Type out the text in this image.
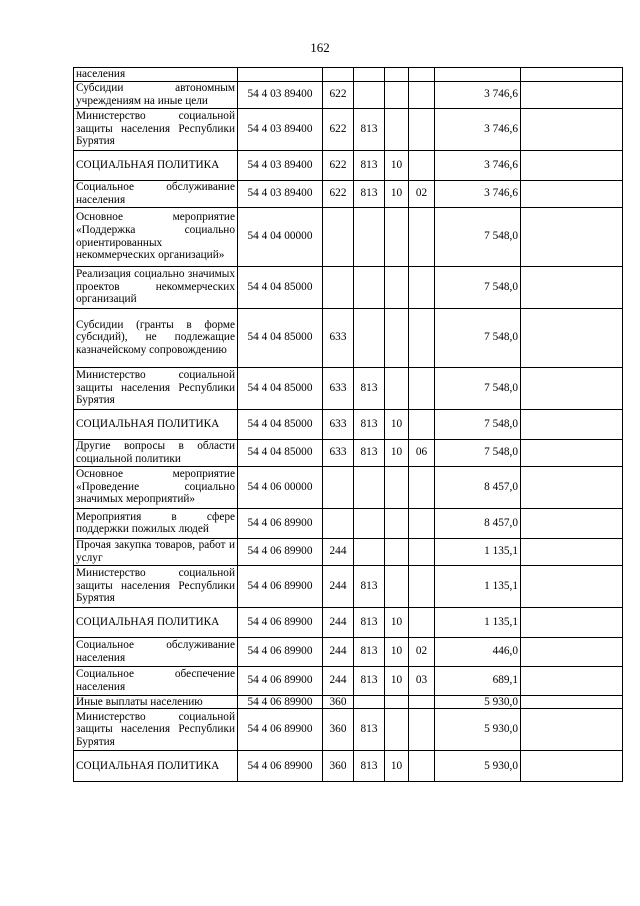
162
населения							
Субсидии автономным учреждениям на иные цели	54 4 03 89400	622				3 746,6	
Министерство социальной защиты населения Республики Бурятия	54 4 03 89400	622	813			3 746,6	
СОЦИАЛЬНАЯ ПОЛИТИКА	54 4 03 89400	622	813	10		3 746,6	
Социальное обслуживание населения	54 4 03 89400	622	813	10	02	3 746,6	
Основное мероприятие «Поддержка социально ориентированных некоммерческих организаций»	54 4 04 00000					7 548,0	
Реализация социально значимых проектов некоммерческих организаций	54 4 04 85000					7 548,0	
Субсидии (гранты в форме субсидий), не подлежащие казначейскому сопровождению	54 4 04 85000	633				7 548,0	
Министерство социальной защиты населения Республики Бурятия	54 4 04 85000	633	813			7 548,0	
СОЦИАЛЬНАЯ ПОЛИТИКА	54 4 04 85000	633	813	10		7 548,0	
Другие вопросы в области социальной политики	54 4 04 85000	633	813	10	06	7 548,0	
Основное мероприятие «Проведение социально значимых мероприятий»	54 4 06 00000					8 457,0	
Мероприятия в сфере поддержки пожилых людей	54 4 06 89900					8 457,0	
Прочая закупка товаров, работ и услуг	54 4 06 89900	244				1 135,1	
Министерство социальной защиты населения Республики Бурятия	54 4 06 89900	244	813			1 135,1	
СОЦИАЛЬНАЯ ПОЛИТИКА	54 4 06 89900	244	813	10		1 135,1	
Социальное обслуживание населения	54 4 06 89900	244	813	10	02	446,0	
Социальное обеспечение населения	54 4 06 89900	244	813	10	03	689,1	
Иные выплаты населению	54 4 06 89900	360				5 930,0	
Министерство социальной защиты населения Республики Бурятия	54 4 06 89900	360	813			5 930,0	
СОЦИАЛЬНАЯ ПОЛИТИКА	54 4 06 89900	360	813	10		5 930,0	
